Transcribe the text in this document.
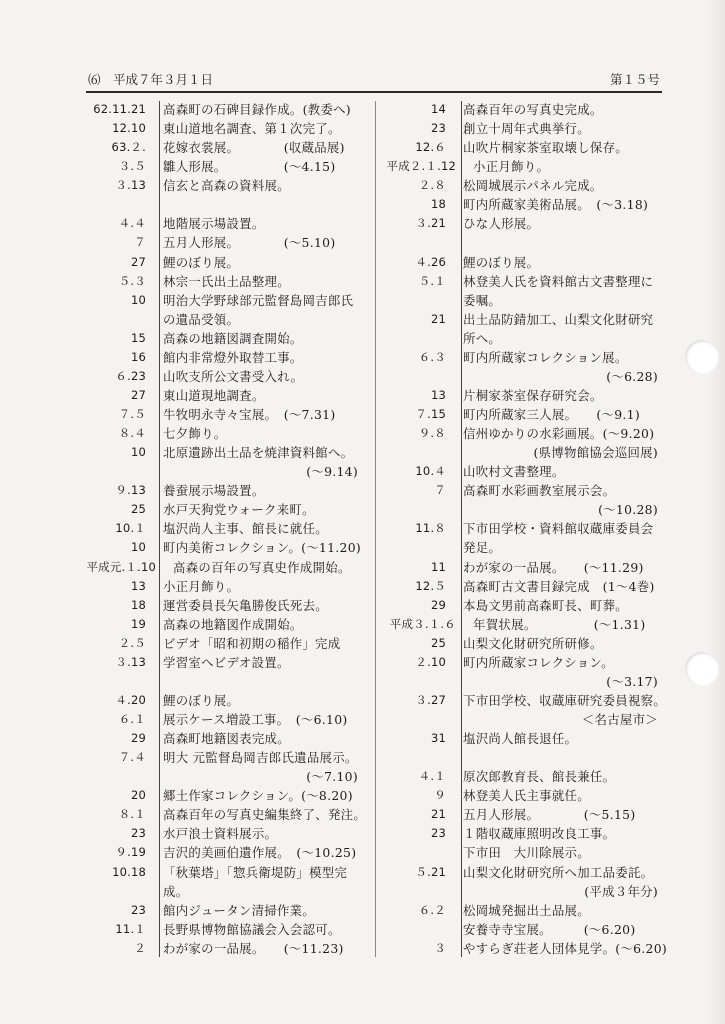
⑹　平成７年３月１日	第１５号
62.11.21	高森町の石碑目録作成。(教委へ)
12.10	東山道地名調査、第１次完了。
63.２.	花嫁衣裳展。　　　　(収蔵品展)
３.５	雛人形展。　　　　　(〜4.15)
３.13	信玄と高森の資料展。
４.４	地階展示場設置。
７	五月人形展。　　　　(〜5.10)
27	鯉のぼり展。
５.３	林宗一氏出土品整理。
10	明治大学野球部元監督島岡吉郎氏
の遺品受領。
15	高森の地籍図調査開始。
16	館内非常燈外取替工事。
６.23	山吹支所公文書受入れ。
27	東山道現地調査。
７.５	牛牧明永寺々宝展。　(〜7.31)
８.４	七夕飾り。
10	北原遺跡出土品を焼津資料館へ。
(〜9.14)
９.13	養蚕展示場設置。
25	水戸天狗党ウォーク来町。
10.１	塩沢尚人主事、館長に就任。
10	町内美術コレクション。(〜11.20)
平成元.１.10	高森の百年の写真史作成開始。
13	小正月飾り。
18	運営委員長矢亀勝俊氏死去。
19	高森の地籍図作成開始。
２.５	ビデオ「昭和初期の稲作」完成
３.13	学習室へビデオ設置。
４.20	鯉のぼり展。
６.１	展示ケース増設工事。　(〜6.10)
29	高森町地籍図表完成。
７.４	明大 元監督島岡吉郎氏遺品展示。
(〜7.10)
20	郷土作家コレクション。(〜8.20)
８.１	高森百年の写真史編集終了、発注。
23	水戸浪士資料展示。
９.19	吉沢的美画伯遺作展。　(〜10.25)
10.18	「秋葉塔」「惣兵衛堤防」模型完
成。
23	館内ジュータン清掃作業。
11.１	長野県博物館協議会入会認可。
２	わが家の一品展。　　(〜11.23)
14	高森百年の写真史完成。
23	創立十周年式典挙行。
12.６	山吹片桐家茶室取壊し保存。
平成２.１.12	小正月飾り。
２.８	松岡城展示パネル完成。
18	町内所蔵家美術品展。　(〜3.18)
３.21	ひな人形展。
４.26	鯉のぼり展。
５.１	林登美人氏を資料館古文書整理に
委嘱。
21	出土品防錆加工、山梨文化財研究
所へ。
６.３	町内所蔵家コレクション展。
(〜6.28)
13	片桐家茶室保存研究会。
７.15	町内所蔵家三人展。　　(〜9.1)
９.８	信州ゆかりの水彩画展。(〜9.20)
(県博物館協会巡回展)
10.４	山吹村文書整理。
７	高森町水彩画教室展示会。
(〜10.28)
11.８	下市田学校・資料館収蔵庫委員会
発足。
11	わが家の一品展。　　(〜11.29)
12.５	高森町古文書目録完成　(1〜4巻)
29	本島文男前高森町長、町葬。
平成３.１.６	年賀状展。　　　　　(〜1.31)
25	山梨文化財研究所研修。
２.10	町内所蔵家コレクション。
(〜3.17)
３.27	下市田学校、収蔵庫研究委員視察。
＜名古屋市＞
31	塩沢尚人館長退任。
４.１	原次郎教育長、館長兼任。
９	林登美人氏主事就任。
21	五月人形展。　　　　(〜5.15)
23	１階収蔵庫照明改良工事。
下市田　大川除展示。
５.21	山梨文化財研究所へ加工品委託。
(平成３年分)
６.２	松岡城発掘出土品展。
安養寺寺宝展。　　　(〜6.20)
３	やすらぎ荘老人団体見学。(〜6.20)
